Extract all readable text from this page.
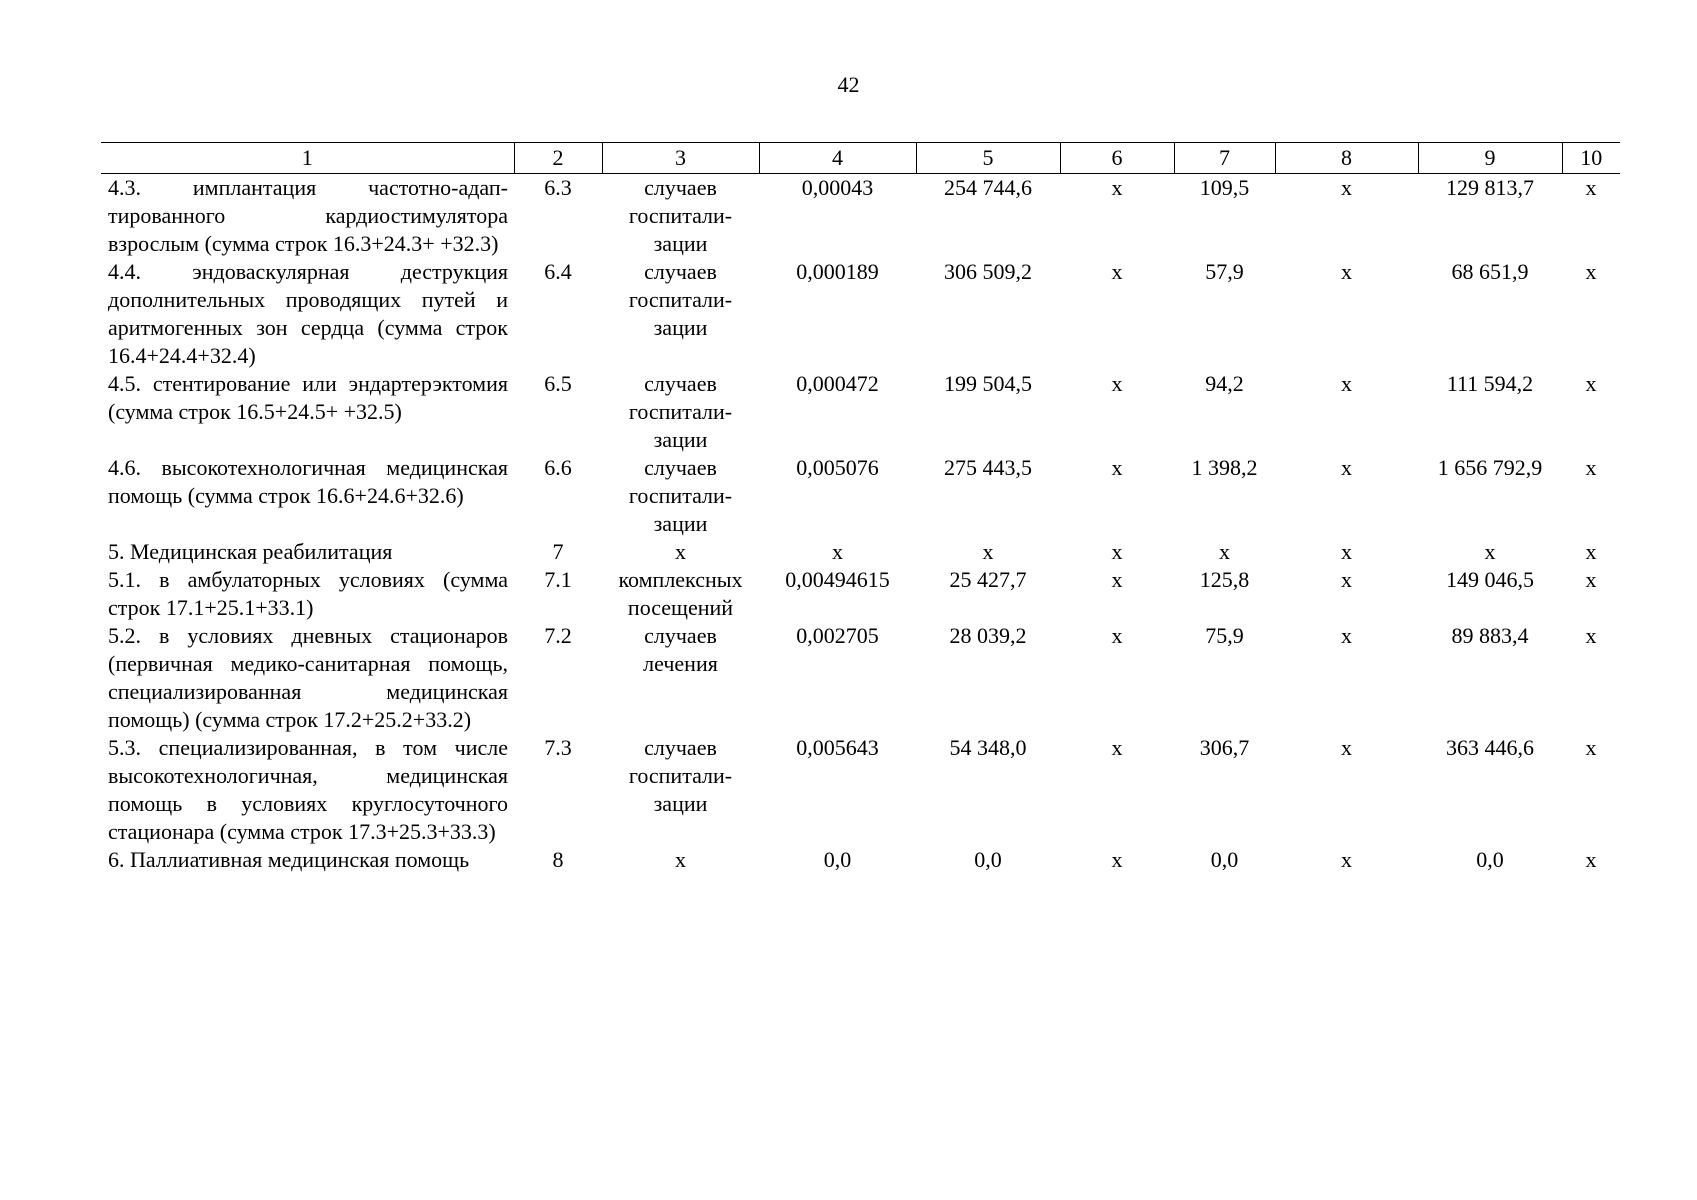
42
1	2	3	4	5	6	7	8	9	10
4.3. имплантация частотно-адаптированного кардиостимулятора взрослым (сумма строк 16.3+24.3+ +32.3)	6.3	случаев госпитализации	0,00043	254 744,6	х	109,5	х	129 813,7	х
4.4. эндоваскулярная деструкция дополнительных проводящих путей и аритмогенных зон сердца (сумма строк 16.4+24.4+32.4)	6.4	случаев госпитализации	0,000189	306 509,2	х	57,9	х	68 651,9	х
4.5. стентирование или эндартерэктомия (сумма строк 16.5+24.5+ +32.5)	6.5	случаев госпитализации	0,000472	199 504,5	х	94,2	х	111 594,2	х
4.6. высокотехнологичная медицинская помощь (сумма строк 16.6+24.6+32.6)	6.6	случаев госпитализации	0,005076	275 443,5	х	1 398,2	х	1 656 792,9	х
5. Медицинская реабилитация	7	х	х	х	х	х	х	х	х
5.1. в амбулаторных условиях (сумма строк 17.1+25.1+33.1)	7.1	комплексных посещений	0,00494615	25 427,7	х	125,8	х	149 046,5	х
5.2. в условиях дневных стационаров (первичная медико-санитарная помощь, специализированная медицинская помощь) (сумма строк 17.2+25.2+33.2)	7.2	случаев лечения	0,002705	28 039,2	х	75,9	х	89 883,4	х
5.3. специализированная, в том числе высокотехнологичная, медицинская помощь в условиях круглосуточного стационара (сумма строк 17.3+25.3+33.3)	7.3	случаев госпитализации	0,005643	54 348,0	х	306,7	х	363 446,6	х
6. Паллиативная медицинская помощь	8	х	0,0	0,0	х	0,0	х	0,0	х
